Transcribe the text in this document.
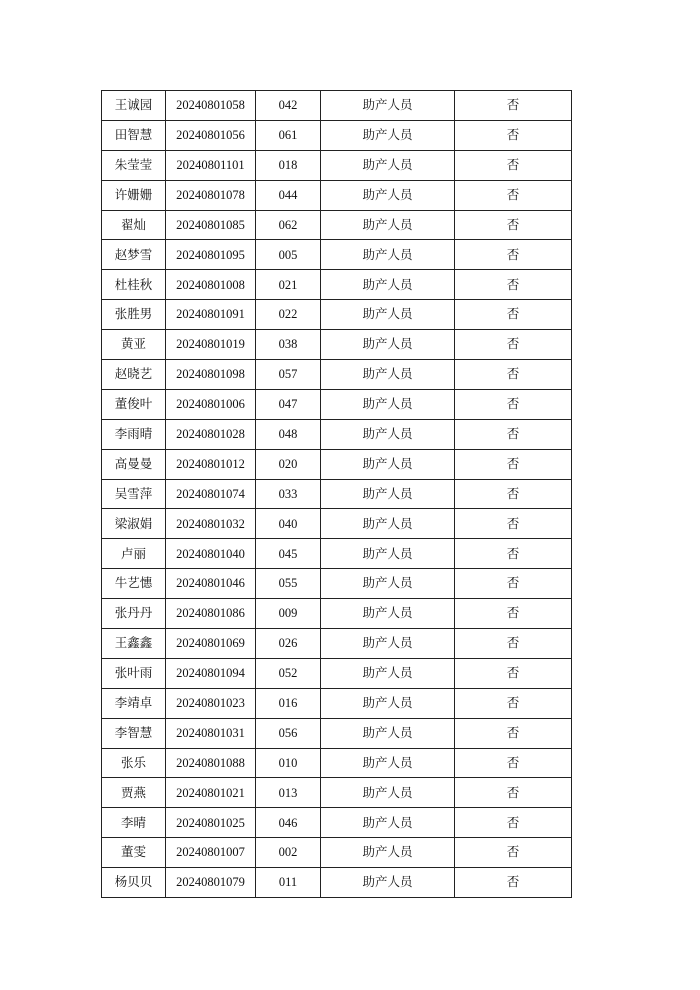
王诚园	20240801058	042	助产人员	否
田智慧	20240801056	061	助产人员	否
朱莹莹	20240801101	018	助产人员	否
许姗姗	20240801078	044	助产人员	否
翟灿	20240801085	062	助产人员	否
赵梦雪	20240801095	005	助产人员	否
杜桂秋	20240801008	021	助产人员	否
张胜男	20240801091	022	助产人员	否
黄亚	20240801019	038	助产人员	否
赵晓艺	20240801098	057	助产人员	否
董俊叶	20240801006	047	助产人员	否
李雨晴	20240801028	048	助产人员	否
高曼曼	20240801012	020	助产人员	否
吴雪萍	20240801074	033	助产人员	否
梁淑娟	20240801032	040	助产人员	否
卢丽	20240801040	045	助产人员	否
牛艺憓	20240801046	055	助产人员	否
张丹丹	20240801086	009	助产人员	否
王鑫鑫	20240801069	026	助产人员	否
张叶雨	20240801094	052	助产人员	否
李靖卓	20240801023	016	助产人员	否
李智慧	20240801031	056	助产人员	否
张乐	20240801088	010	助产人员	否
贾燕	20240801021	013	助产人员	否
李晴	20240801025	046	助产人员	否
董雯	20240801007	002	助产人员	否
杨贝贝	20240801079	011	助产人员	否
